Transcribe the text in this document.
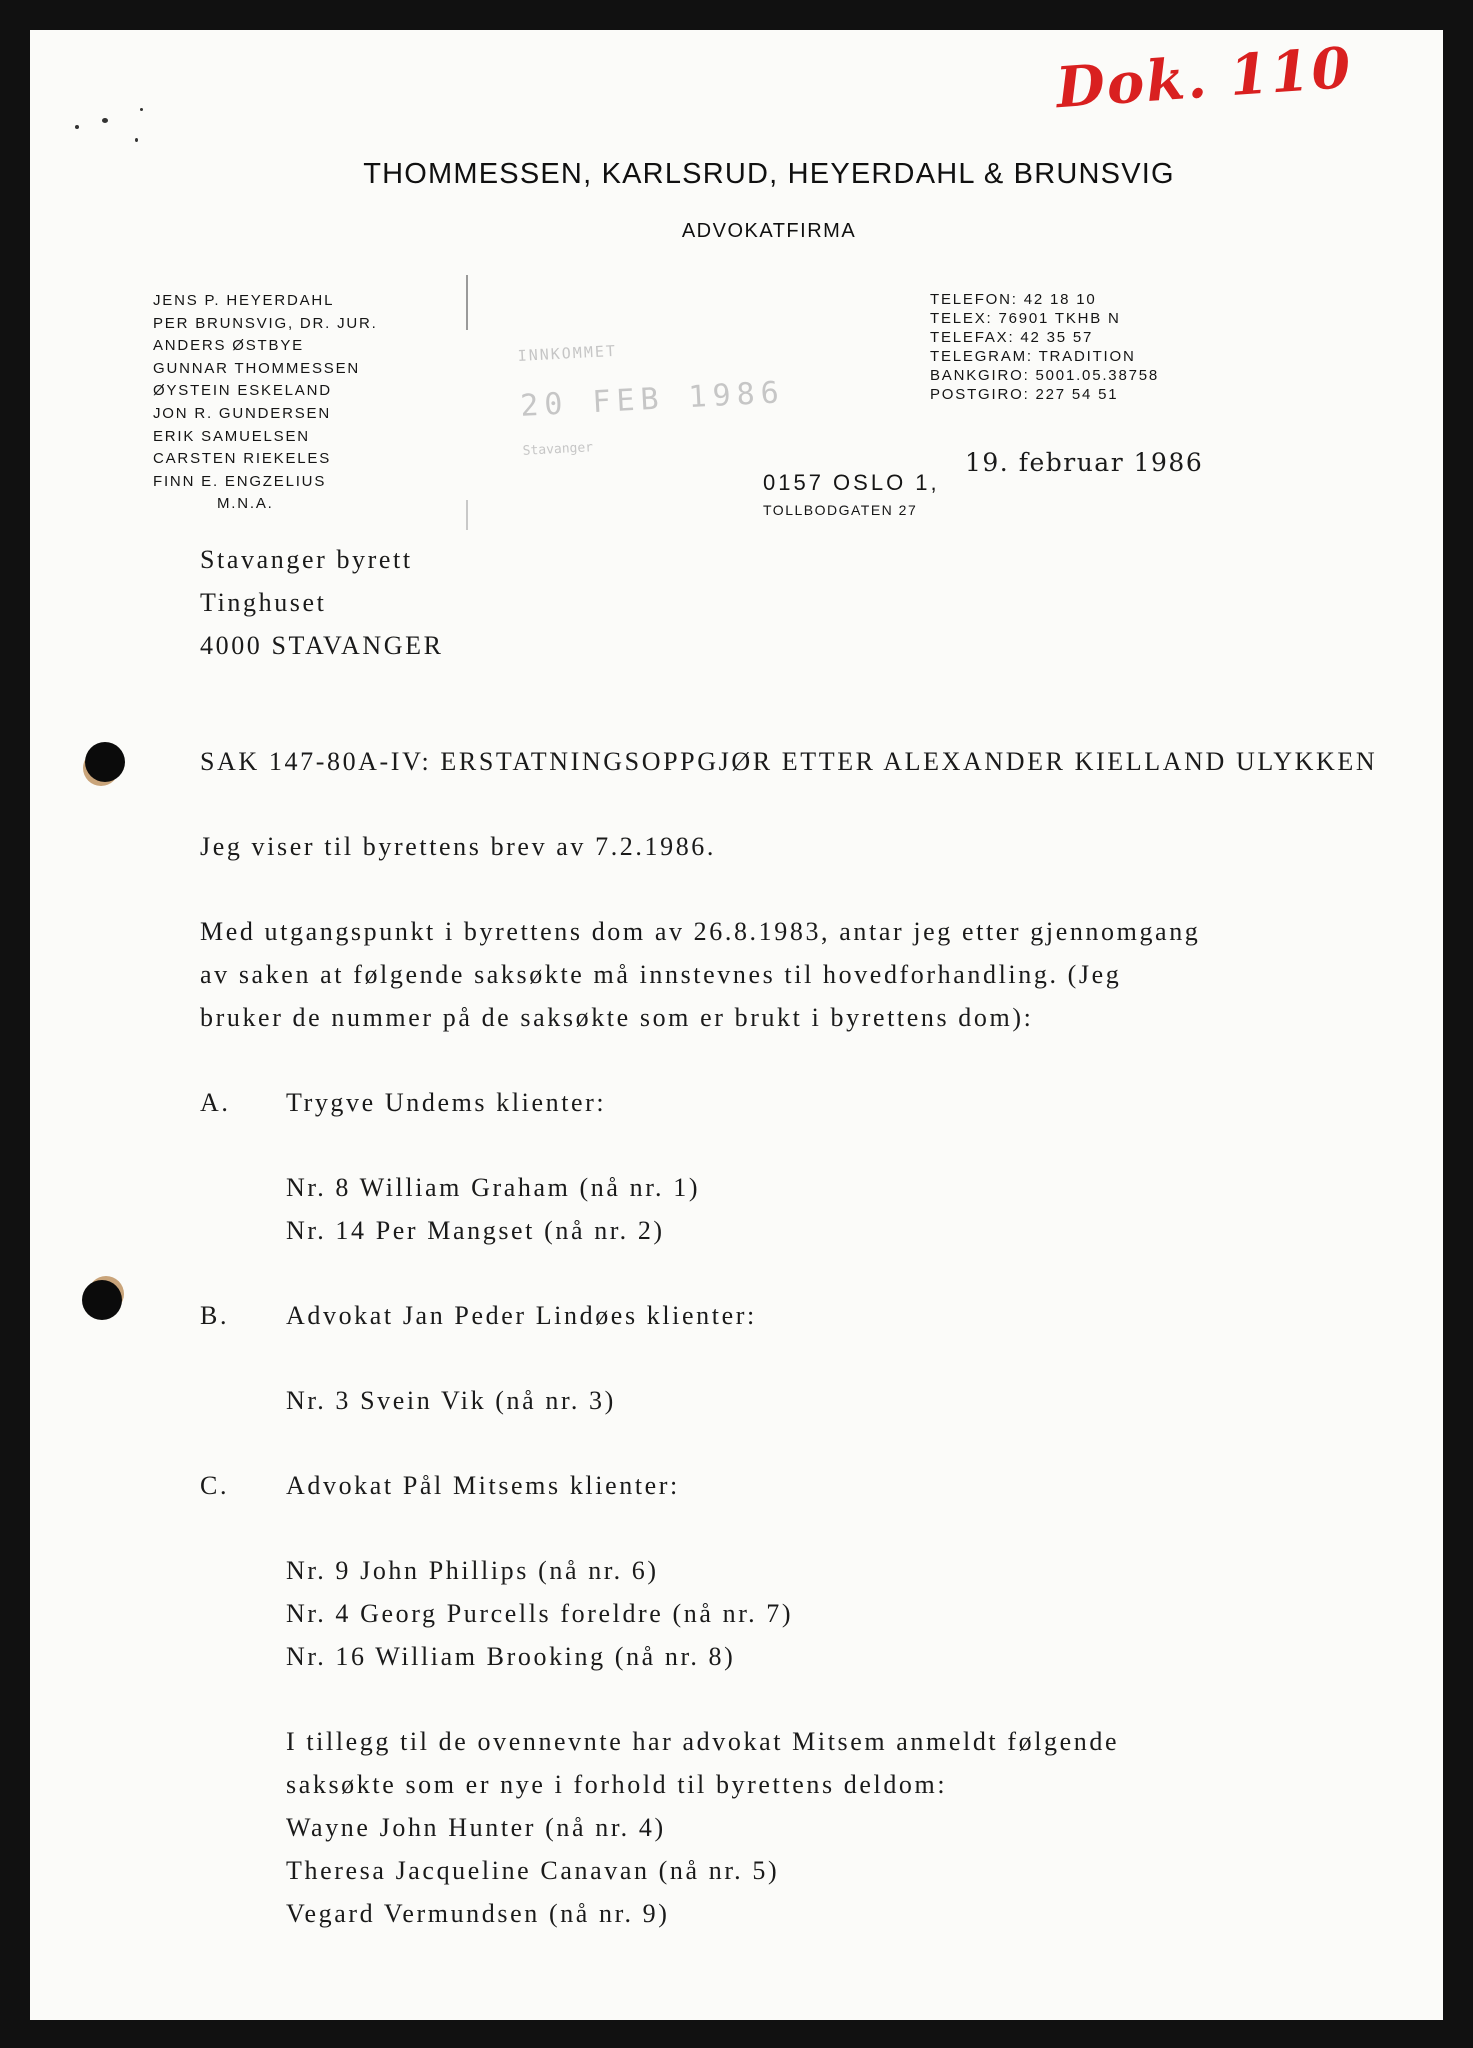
Dok. 110
THOMMESSEN, KARLSRUD, HEYERDAHL & BRUNSVIG
ADVOKATFIRMA
JENS P. HEYERDAHL
PER BRUNSVIG, DR. JUR.
ANDERS ØSTBYE
GUNNAR THOMMESSEN
ØYSTEIN ESKELAND
JON R. GUNDERSEN
ERIK SAMUELSEN
CARSTEN RIEKELES
FINN E. ENGZELIUS
M.N.A.
INNKOMMET
20 FEB 1986
Stavanger
TELEFON: 42 18 10
TELEX: 76901 TKHB N
TELEFAX: 42 35 57
TELEGRAM: TRADITION
BANKGIRO: 5001.05.38758
POSTGIRO: 227 54 51
0157 OSLO 1,
TOLLBODGATEN 27
19. februar 1986
Stavanger byrett
Tinghuset
4000 STAVANGER
SAK 147-80A-IV: ERSTATNINGSOPPGJØR ETTER ALEXANDER KIELLAND ULYKKEN
Jeg viser til byrettens brev av 7.2.1986.
Med utgangspunkt i byrettens dom av 26.8.1983, antar jeg etter gjennomgang
av saken at følgende saksøkte må innstevnes til hovedforhandling. (Jeg
bruker de nummer på de saksøkte som er brukt i byrettens dom):
A. Trygve Undems klienter:
Nr. 8 William Graham (nå nr. 1)
Nr. 14 Per Mangset (nå nr. 2)
B. Advokat Jan Peder Lindøes klienter:
Nr. 3 Svein Vik (nå nr. 3)
C. Advokat Pål Mitsems klienter:
Nr. 9 John Phillips (nå nr. 6)
Nr. 4 Georg Purcells foreldre (nå nr. 7)
Nr. 16 William Brooking (nå nr. 8)
I tillegg til de ovennevnte har advokat Mitsem anmeldt følgende
saksøkte som er nye i forhold til byrettens deldom:
Wayne John Hunter (nå nr. 4)
Theresa Jacqueline Canavan (nå nr. 5)
Vegard Vermundsen (nå nr. 9)
